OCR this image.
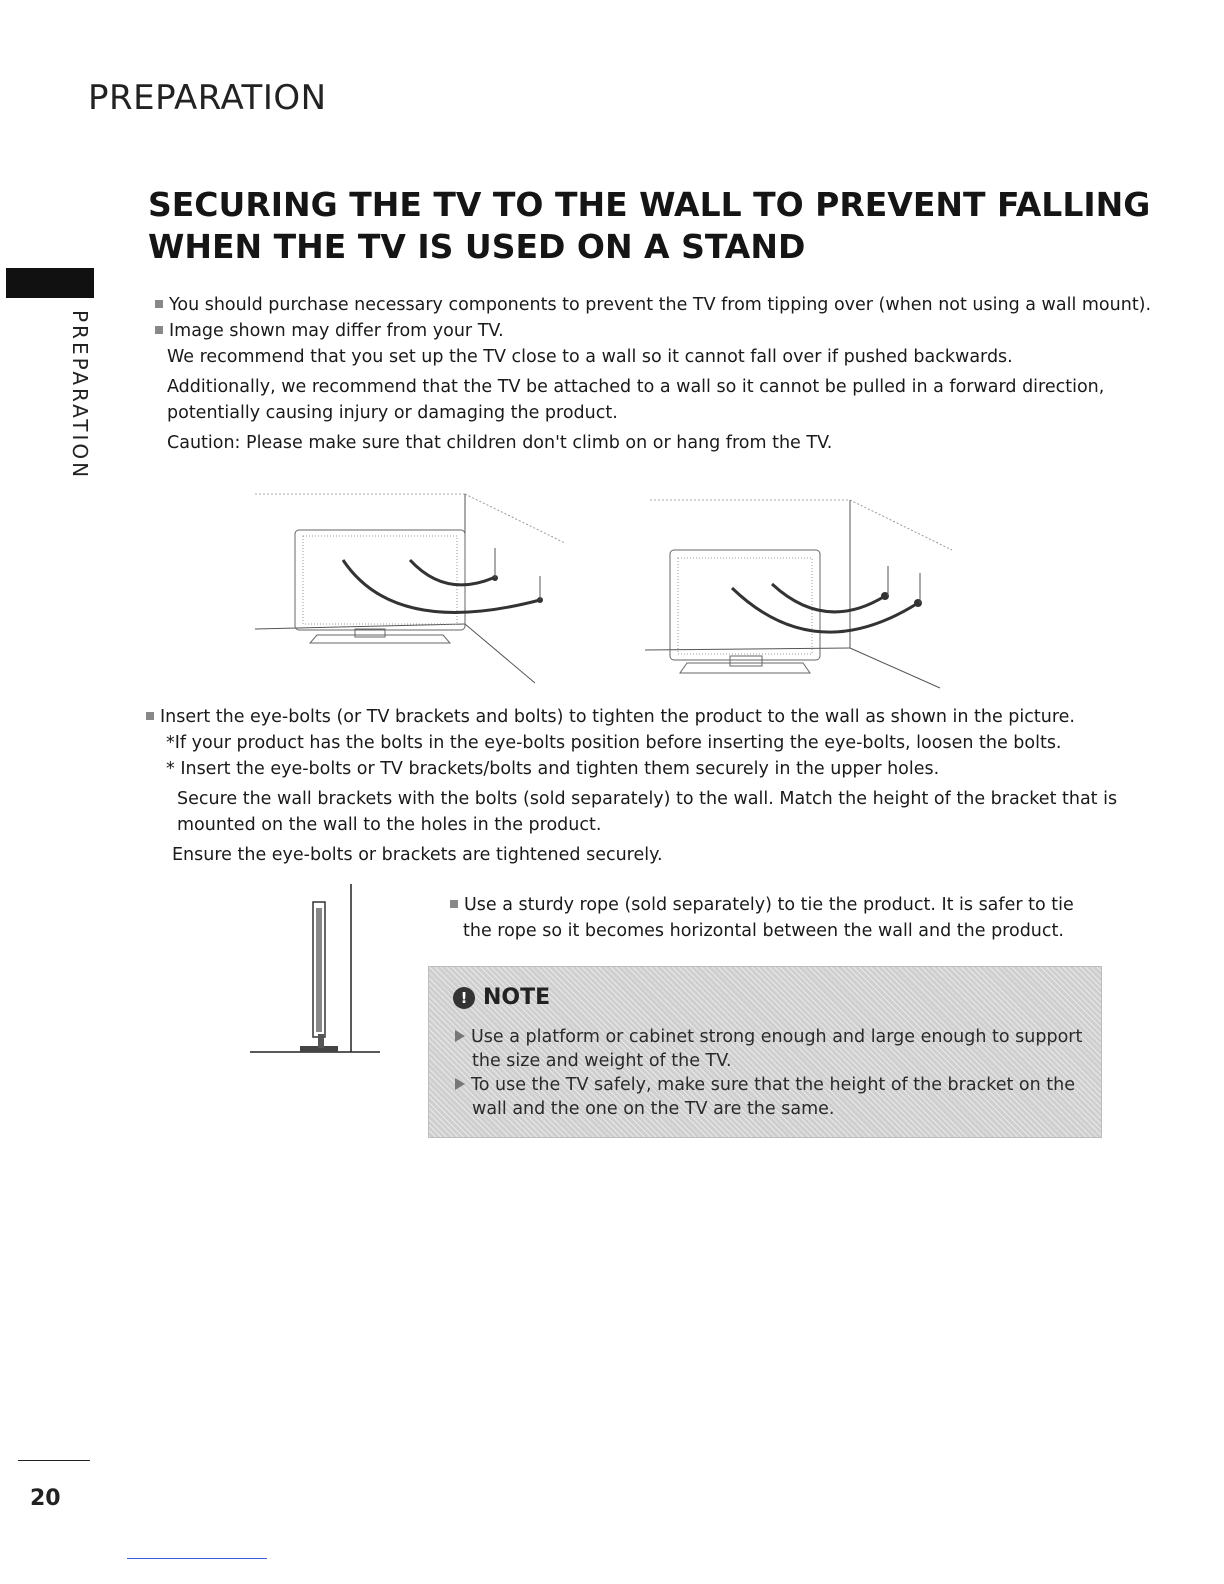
PREPARATION
PREPARATION
SECURING THE TV TO THE WALL TO PREVENT FALLING
WHEN THE TV IS USED ON A STAND
You should purchase necessary components to prevent the TV from tipping over (when not using a wall mount).
Image shown may differ from your TV.
We recommend that you set up the TV close to a wall so it cannot fall over if pushed backwards.
Additionally, we recommend that the TV be attached to a wall so it cannot be pulled in a forward direction,
potentially causing injury or damaging the product.
Caution: Please make sure that children don't climb on or hang from the TV.
Insert the eye-bolts (or TV brackets and bolts) to tighten the product to the wall as shown in the picture.
*If your product has the bolts in the eye-bolts position before inserting the eye-bolts, loosen the bolts.
* Insert the eye-bolts or TV brackets/bolts and tighten them securely in the upper holes.
Secure the wall brackets with the bolts (sold separately) to the wall. Match the height of the bracket that is
mounted on the wall to the holes in the product.
Ensure the eye-bolts or brackets are tightened securely.
Use a sturdy rope (sold separately) to tie the product. It is safer to tie
the rope so it becomes horizontal between the wall and the product.
! NOTE
Use a platform or cabinet strong enough and large enough to support
the size and weight of the TV.
To use the TV safely, make sure that the height of the bracket on the
wall and the one on the TV are the same.
20
